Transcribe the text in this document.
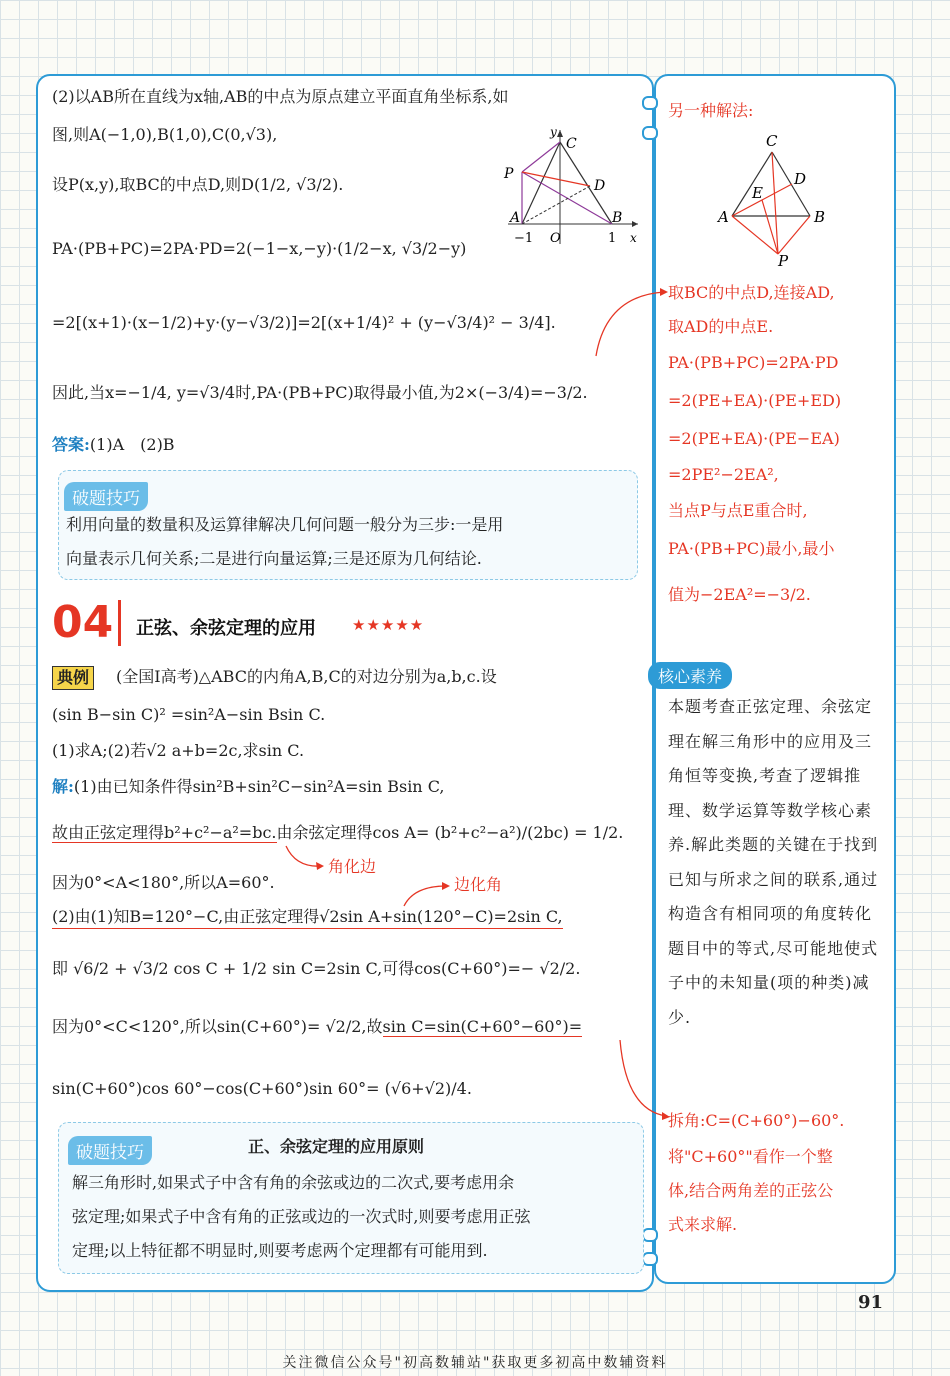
(2)以AB所在直线为x轴,AB的中点为原点建立平面直角坐标系,如
图,则A(−1,0),B(1,0),C(0,√3),
设P(x,y),取BC的中点D,则D(1/2, √3/2).
PA·(PB+PC)=2PA·PD=2(−1−x,−y)·(1/2−x, √3/2−y)
=2[(x+1)·(x−1/2)+y·(y−√3/2)]=2[(x+1/4)² + (y−√3/4)² − 3/4].
因此,当x=−1/4, y=√3/4时,PA·(PB+PC)取得最小值,为2×(−3/4)=−3/2.
y
C
P
D
A	B
−1 O	1 x
答案:(1)A　(2)B
破题技巧
利用向量的数量积及运算律解决几何问题一般分为三步:一是用
向量表示几何关系;二是进行向量运算;三是还原为几何结论.
04 正弦、余弦定理的应用 ★★★★★
典例	(全国Ⅰ高考)△ABC的内角A,B,C的对边分别为a,b,c.设
(sin B−sin C)² =sin²A−sin Bsin C.
(1)求A;(2)若√2 a+b=2c,求sin C.
解:(1)由已知条件得sin²B+sin²C−sin²A=sin Bsin C,
故由正弦定理得b²+c²−a²=bc.由余弦定理得cos A= (b²+c²−a²)/(2bc) = 1/2.
因为0°<A<180°,所以A=60°.
(2)由(1)知B=120°−C,由正弦定理得√2sin A+sin(120°−C)=2sin C,
即 √6/2 + √3/2 cos C + 1/2 sin C=2sin C,可得cos(C+60°)=− √2/2.
因为0°<C<120°,所以sin(C+60°)= √2/2,故sin C=sin(C+60°−60°)=
sin(C+60°)cos 60°−cos(C+60°)sin 60°= (√6+√2)/4.
角化边
边化角
破题技巧	正、余弦定理的应用原则
解三角形时,如果式子中含有角的余弦或边的二次式,要考虑用余
弦定理;如果式子中含有角的正弦或边的一次式时,则要考虑用正弦
定理;以上特征都不明显时,则要考虑两个定理都有可能用到.
另一种解法:
C
D
E
A	B
P
取BC的中点D,连接AD,
取AD的中点E.
PA·(PB+PC)=2PA·PD
=2(PE+EA)·(PE+ED)
=2(PE+EA)·(PE−EA)
=2PE²−2EA²,
当点P与点E重合时,
PA·(PB+PC)最小,最小
值为−2EA²=−3/2.
核心素养
本题考查正弦定理、余弦定理在解三角形中的应用及三角恒等变换,考查了逻辑推理、数学运算等数学核心素养.解此类题的关键在于找到已知与所求之间的联系,通过构造含有相同项的角度转化题目中的等式,尽可能地使式子中的未知量(项的种类)减少.
拆角:C=(C+60°)−60°.
将"C+60°"看作一个整
体,结合两角差的正弦公
式来求解.
91
关注微信公众号"初高数辅站"获取更多初高中数辅资料
